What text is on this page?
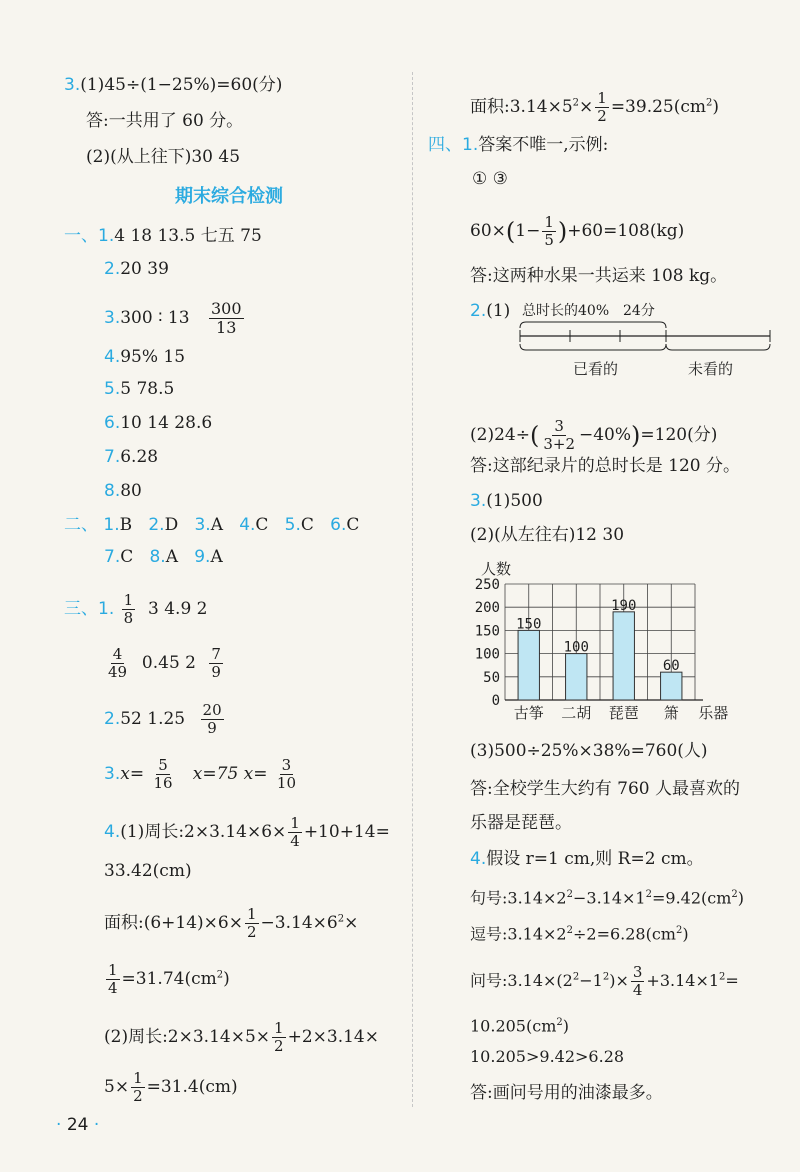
3.(1)45÷(1−25%)=60(分)
答:一共用了 60 分。
(2)(从上往下)30 45
期末综合检测
一、1.4 18 13.5 七五 75
2.20 39
3.300 ∶ $13 \frac{300}{13}$
4.95% 15
5.5 78.5
6.10 14 28.6
7.6.28
8.80
二、 1.B 2.D 3.A 4.C 5.C 6.C
7.C 8.A 9.A
三、1. $\frac{1}{8} 3$ 4.9 2
$\frac{4}{49} 0.45$ $2 \frac{7}{9}$
2.52 $1.25 \frac{20}{9}$
$3.x= \frac{5}{16} x=75$ $x= \frac{3}{10}$
4.(1)周长:2×3.14×6× $\frac{1}{4} +10+14=$
33.42(cm)
面积:(6+14)×6× $\frac{1}{2} -3.14\times 6^2\times$
$\frac{1}{4} =31.74(cm^2)$
(2)周长:2×3.14×5× $\frac{1}{2} +2\times 3.14\times$
$5\times \frac{1}{2} =31.4(cm)$
· 24 ·
面积$:3.14\times 5^2\times \frac{1}{2} =39.25(cm^2)$
四、1.答案不唯一,示例:
① ③
$60\times(1- \frac{1}{5} )+60=108(kg)$
答:这两种水果一共运来 108 kg。
2.(1) 总时长的40% 24分
已看的	未看的
$(2)24\div( \frac{3}{3+2} -40\%)=120$(分)
答:这部纪录片的总时长是 120 分。
3.(1)500
(2)(从左往右)12 30
人数
0
50
100
150
200
250
150
100
190
60
古筝 二胡 琵琶 箫 乐器
(3)500÷25%×38%=760(人)
答:全校学生大约有 760 人最喜欢的
乐器是琵琶。
4.假设 r=1 cm,则 R=2 cm。
句号$:3.14\times 2^2-3.14\times 1^2=9.42(cm^2)$
逗号$:3.14\times 2^2\div 2=6.28(cm^2)$
问号$:3.14\times(2^2-1^2)\times \frac{3}{4} +3.14\times 1^2=$
$10.205(cm^2)$
10.205>9.42>6.28
答:画问号用的油漆最多。
